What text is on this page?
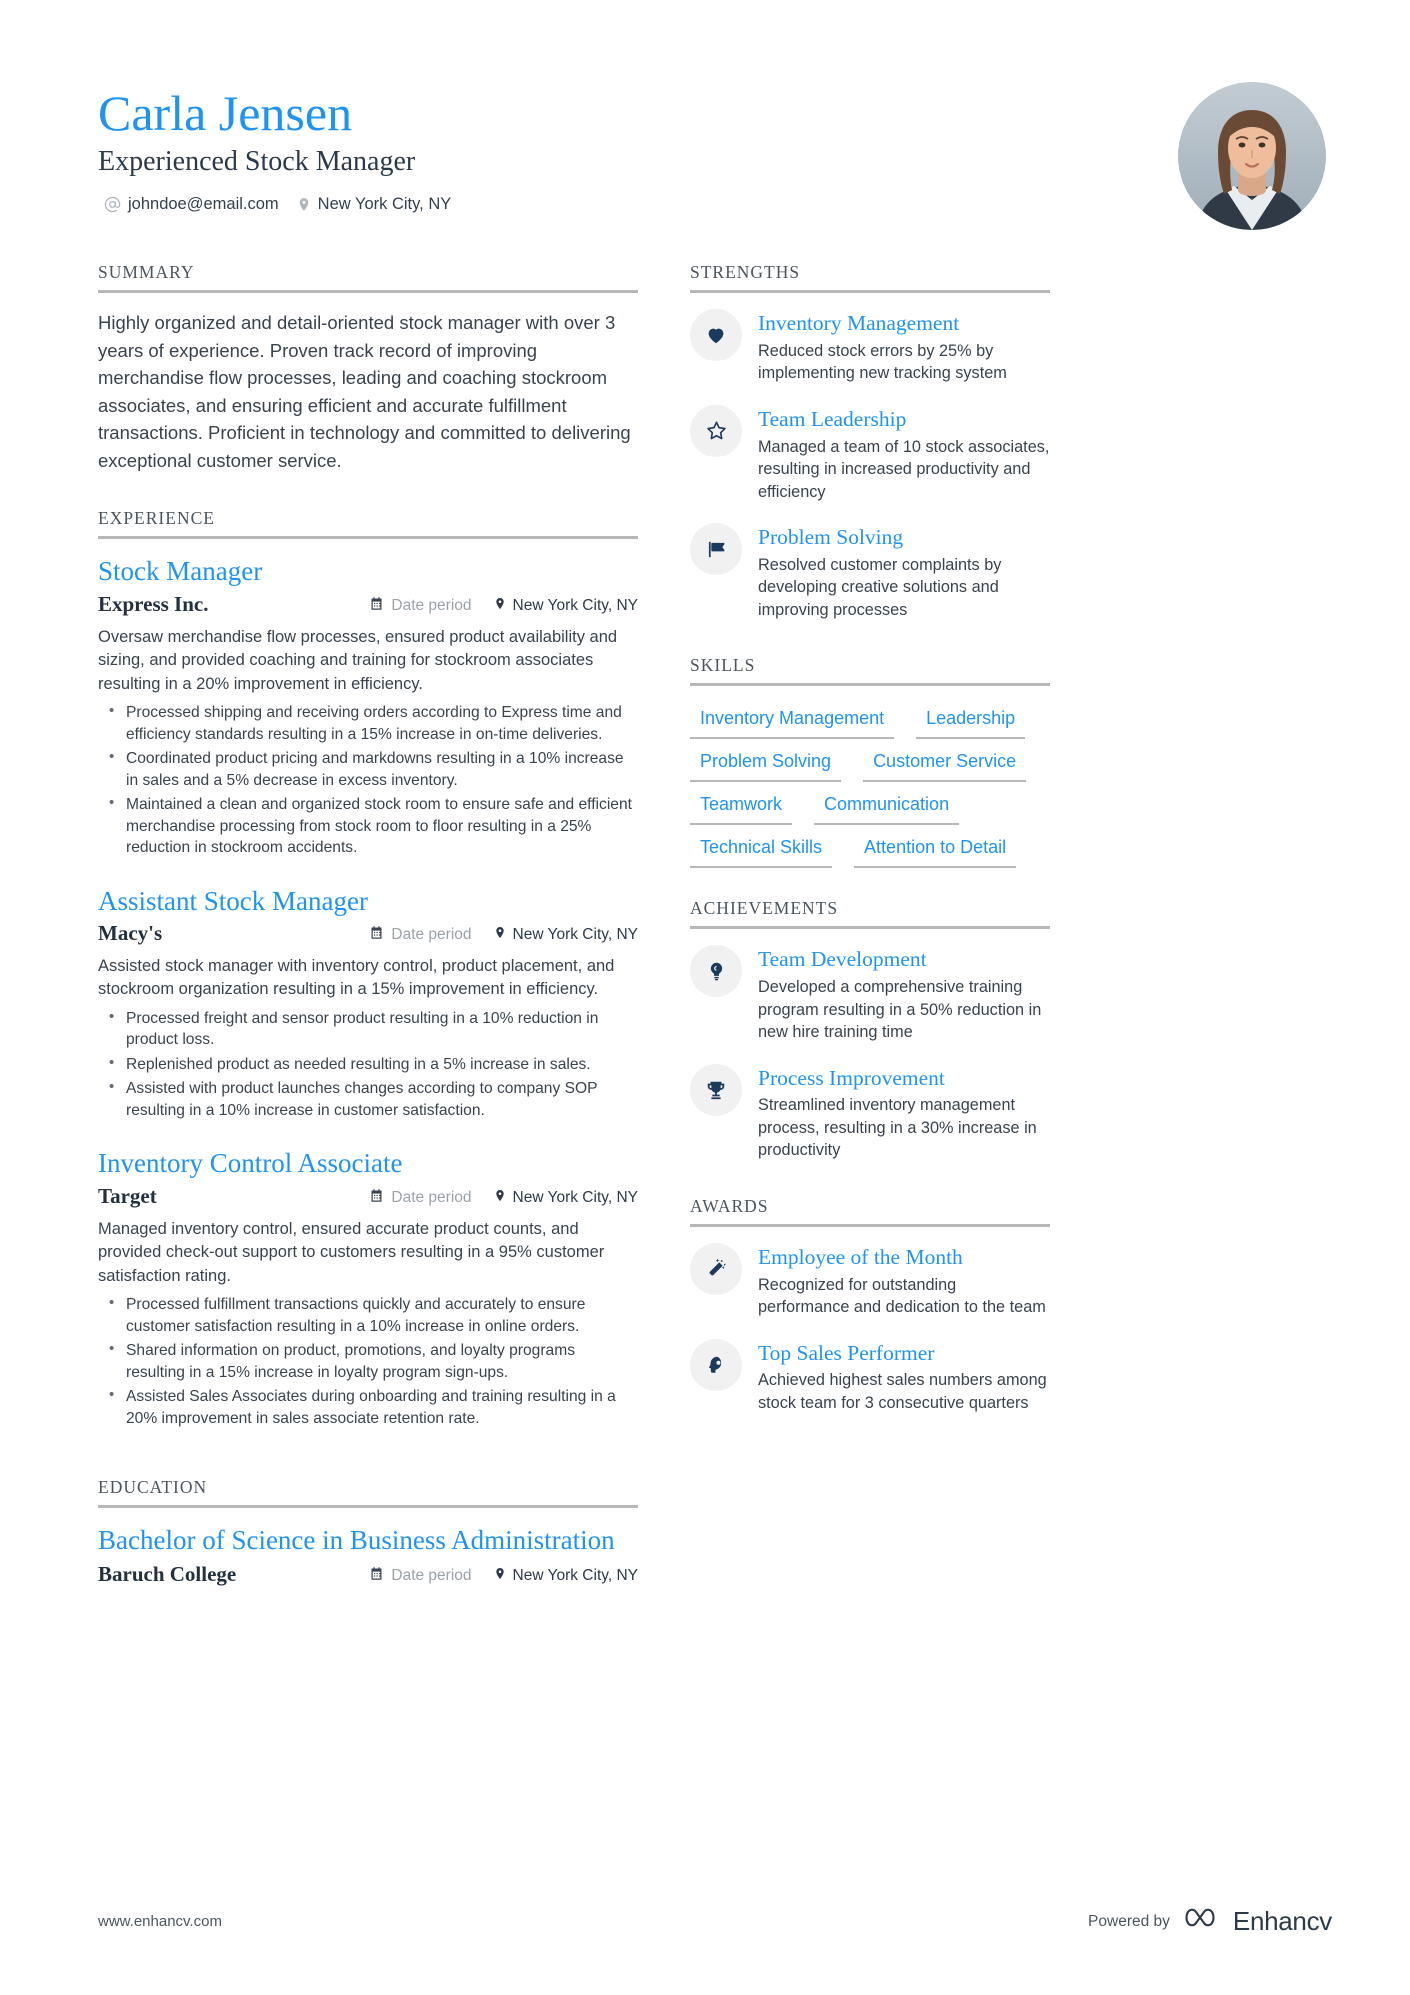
Carla Jensen
Experienced Stock Manager
johndoe@email.com New York City, NY
SUMMARY
Highly organized and detail-oriented stock manager with over 3 years of experience. Proven track record of improving merchandise flow processes, leading and coaching stockroom associates, and ensuring efficient and accurate fulfillment transactions. Proficient in technology and committed to delivering exceptional customer service.
EXPERIENCE
Stock Manager
Express Inc.	Date period	New York City, NY
Oversaw merchandise flow processes, ensured product availability and sizing, and provided coaching and training for stockroom associates resulting in a 20% improvement in efficiency.
• Processed shipping and receiving orders according to Express time and efficiency standards resulting in a 15% increase in on-time deliveries.
• Coordinated product pricing and markdowns resulting in a 10% increase in sales and a 5% decrease in excess inventory.
• Maintained a clean and organized stock room to ensure safe and efficient merchandise processing from stock room to floor resulting in a 25% reduction in stockroom accidents.
Assistant Stock Manager
Macy's	Date period	New York City, NY
Assisted stock manager with inventory control, product placement, and stockroom organization resulting in a 15% improvement in efficiency.
• Processed freight and sensor product resulting in a 10% reduction in product loss.
• Replenished product as needed resulting in a 5% increase in sales.
• Assisted with product launches changes according to company SOP resulting in a 10% increase in customer satisfaction.
Inventory Control Associate
Target	Date period	New York City, NY
Managed inventory control, ensured accurate product counts, and provided check-out support to customers resulting in a 95% customer satisfaction rating.
• Processed fulfillment transactions quickly and accurately to ensure customer satisfaction resulting in a 10% increase in online orders.
• Shared information on product, promotions, and loyalty programs resulting in a 15% increase in loyalty program sign-ups.
• Assisted Sales Associates during onboarding and training resulting in a 20% improvement in sales associate retention rate.
EDUCATION
Bachelor of Science in Business Administration
Baruch College	Date period	New York City, NY
STRENGTHS
Inventory Management
Reduced stock errors by 25% by implementing new tracking system
Team Leadership
Managed a team of 10 stock associates, resulting in increased productivity and efficiency
Problem Solving
Resolved customer complaints by developing creative solutions and improving processes
SKILLS
Inventory Management	Leadership
Problem Solving	Customer Service
Teamwork	Communication
Technical Skills	Attention to Detail
ACHIEVEMENTS
Team Development
Developed a comprehensive training program resulting in a 50% reduction in new hire training time
Process Improvement
Streamlined inventory management process, resulting in a 30% increase in productivity
AWARDS
Employee of the Month
Recognized for outstanding performance and dedication to the team
Top Sales Performer
Achieved highest sales numbers among stock team for 3 consecutive quarters
www.enhancv.com	Powered by Enhancv
